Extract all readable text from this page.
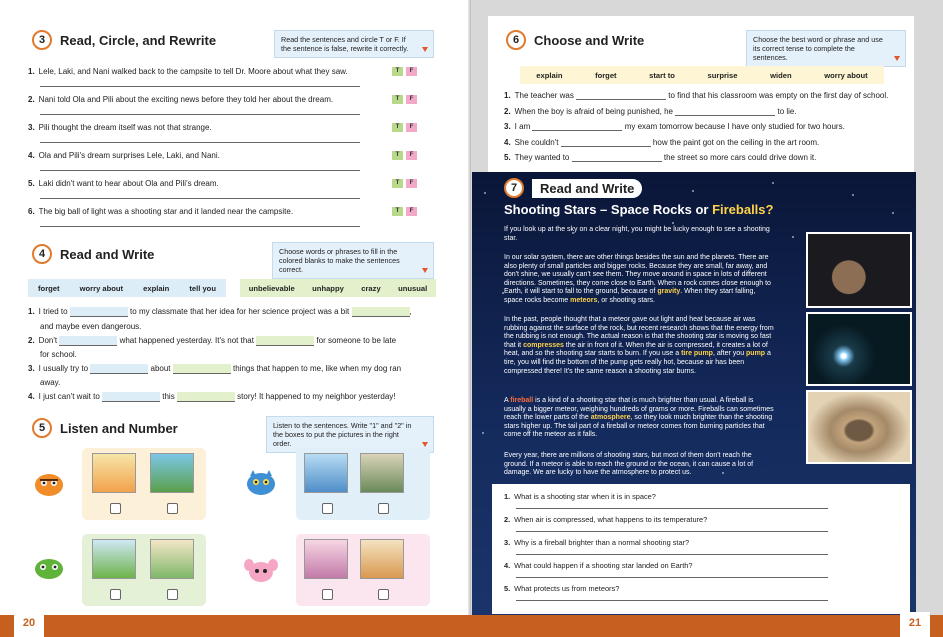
3	Read, Circle, and Rewrite	Read the sentences and circle T or F. If the sentence is false, rewrite it correctly.
4	Read and Write	Choose words or phrases to fill in the colored blanks to make the sentences correct.
forget	worry about	explain	tell you	unbelievable unhappy crazy unusual
1. I tried to	to my classmate that her idea for her science project was a bit	,
and maybe even dangerous.
2. Don't	what happened yesterday. It's not that	for someone to be late
for school.
3. I usually try to	about	things that happen to me, like when my dog ran
away.
4. I just can't wait to	this	story! It happened to my neighbor yesterday!
5	Listen and Number	Listen to the sentences. Write "1" and "2" in the boxes to put the pictures in the right order.
1. Lele, Laki, and Nani walked back to the campsite to tell Dr. Moore about what they saw.	T	F
2. Nani told Ola and Pili about the exciting news before they told her about the dream.	T	F
3. Pili thought the dream itself was not that strange.	T	F
4. Ola and Pili's dream surprises Lele, Laki, and Nani.	T	F
5. Laki didn't want to hear about Ola and Pili's dream.	T	F
6. The big ball of light was a shooting star and it landed near the campsite.	T	F
6	Choose and Write	Choose the best word or phrase and use its correct tense to complete the sentences.
explain	forget	start to	surprise	widen	worry about
1. The teacher was	to find that his classroom was empty on the first day of school.
2. When the boy is afraid of being punished, he	to lie.
3. I am	my exam tomorrow because I have only studied for two hours.
4. She couldn't	how the paint got on the ceiling in the art room.
5. They wanted to	the street so more cars could drive down it.
7	Read and Write
Shooting Stars – Space Rocks or Fireballs?
If you look up at the sky on a clear night, you might be lucky enough to see a shooting star.
In our solar system, there are other things besides the sun and the planets. There are also plenty of small particles and bigger rocks. Because they are small, far away, and don't shine, we usually can't see them. They move around in space in lots of different directions. Sometimes, they come close to Earth. When a rock comes close enough to Earth, it will start to fall to the ground, because of gravity. When they start falling, space rocks become meteors, or shooting stars.
In the past, people thought that a meteor gave out light and heat because air was rubbing against the surface of the rock, but recent research shows that the energy from the rubbing is not enough. The actual reason is that the shooting star is moving so fast that it compresses the air in front of it. When the air is compressed, it creates a lot of heat, and so the shooting star starts to burn. If you use a tire pump, after you pump a tire, you will find the bottom of the pump gets really hot, because air has been compressed there! It's the same reason a shooting star burns.
A fireball is a kind of a shooting star that is much brighter than usual. A fireball is usually a bigger meteor, weighing hundreds of grams or more. Fireballs can sometimes reach the lower parts of the atmosphere, so they look much brighter than the shooting stars higher up. The tail part of a fireball or meteor comes from burning particles that come off the meteor as it falls.
Every year, there are millions of shooting stars, but most of them don't reach the ground. If a meteor is able to reach the ground or the ocean, it can cause a lot of damage. We are lucky to have the atmosphere to protect us.
1. What is a shooting star when it is in space?
2. When air is compressed, what happens to its temperature?
3. Why is a fireball brighter than a normal shooting star?
4. What could happen if a shooting star landed on Earth?
5. What protects us from meteors?
20	21
